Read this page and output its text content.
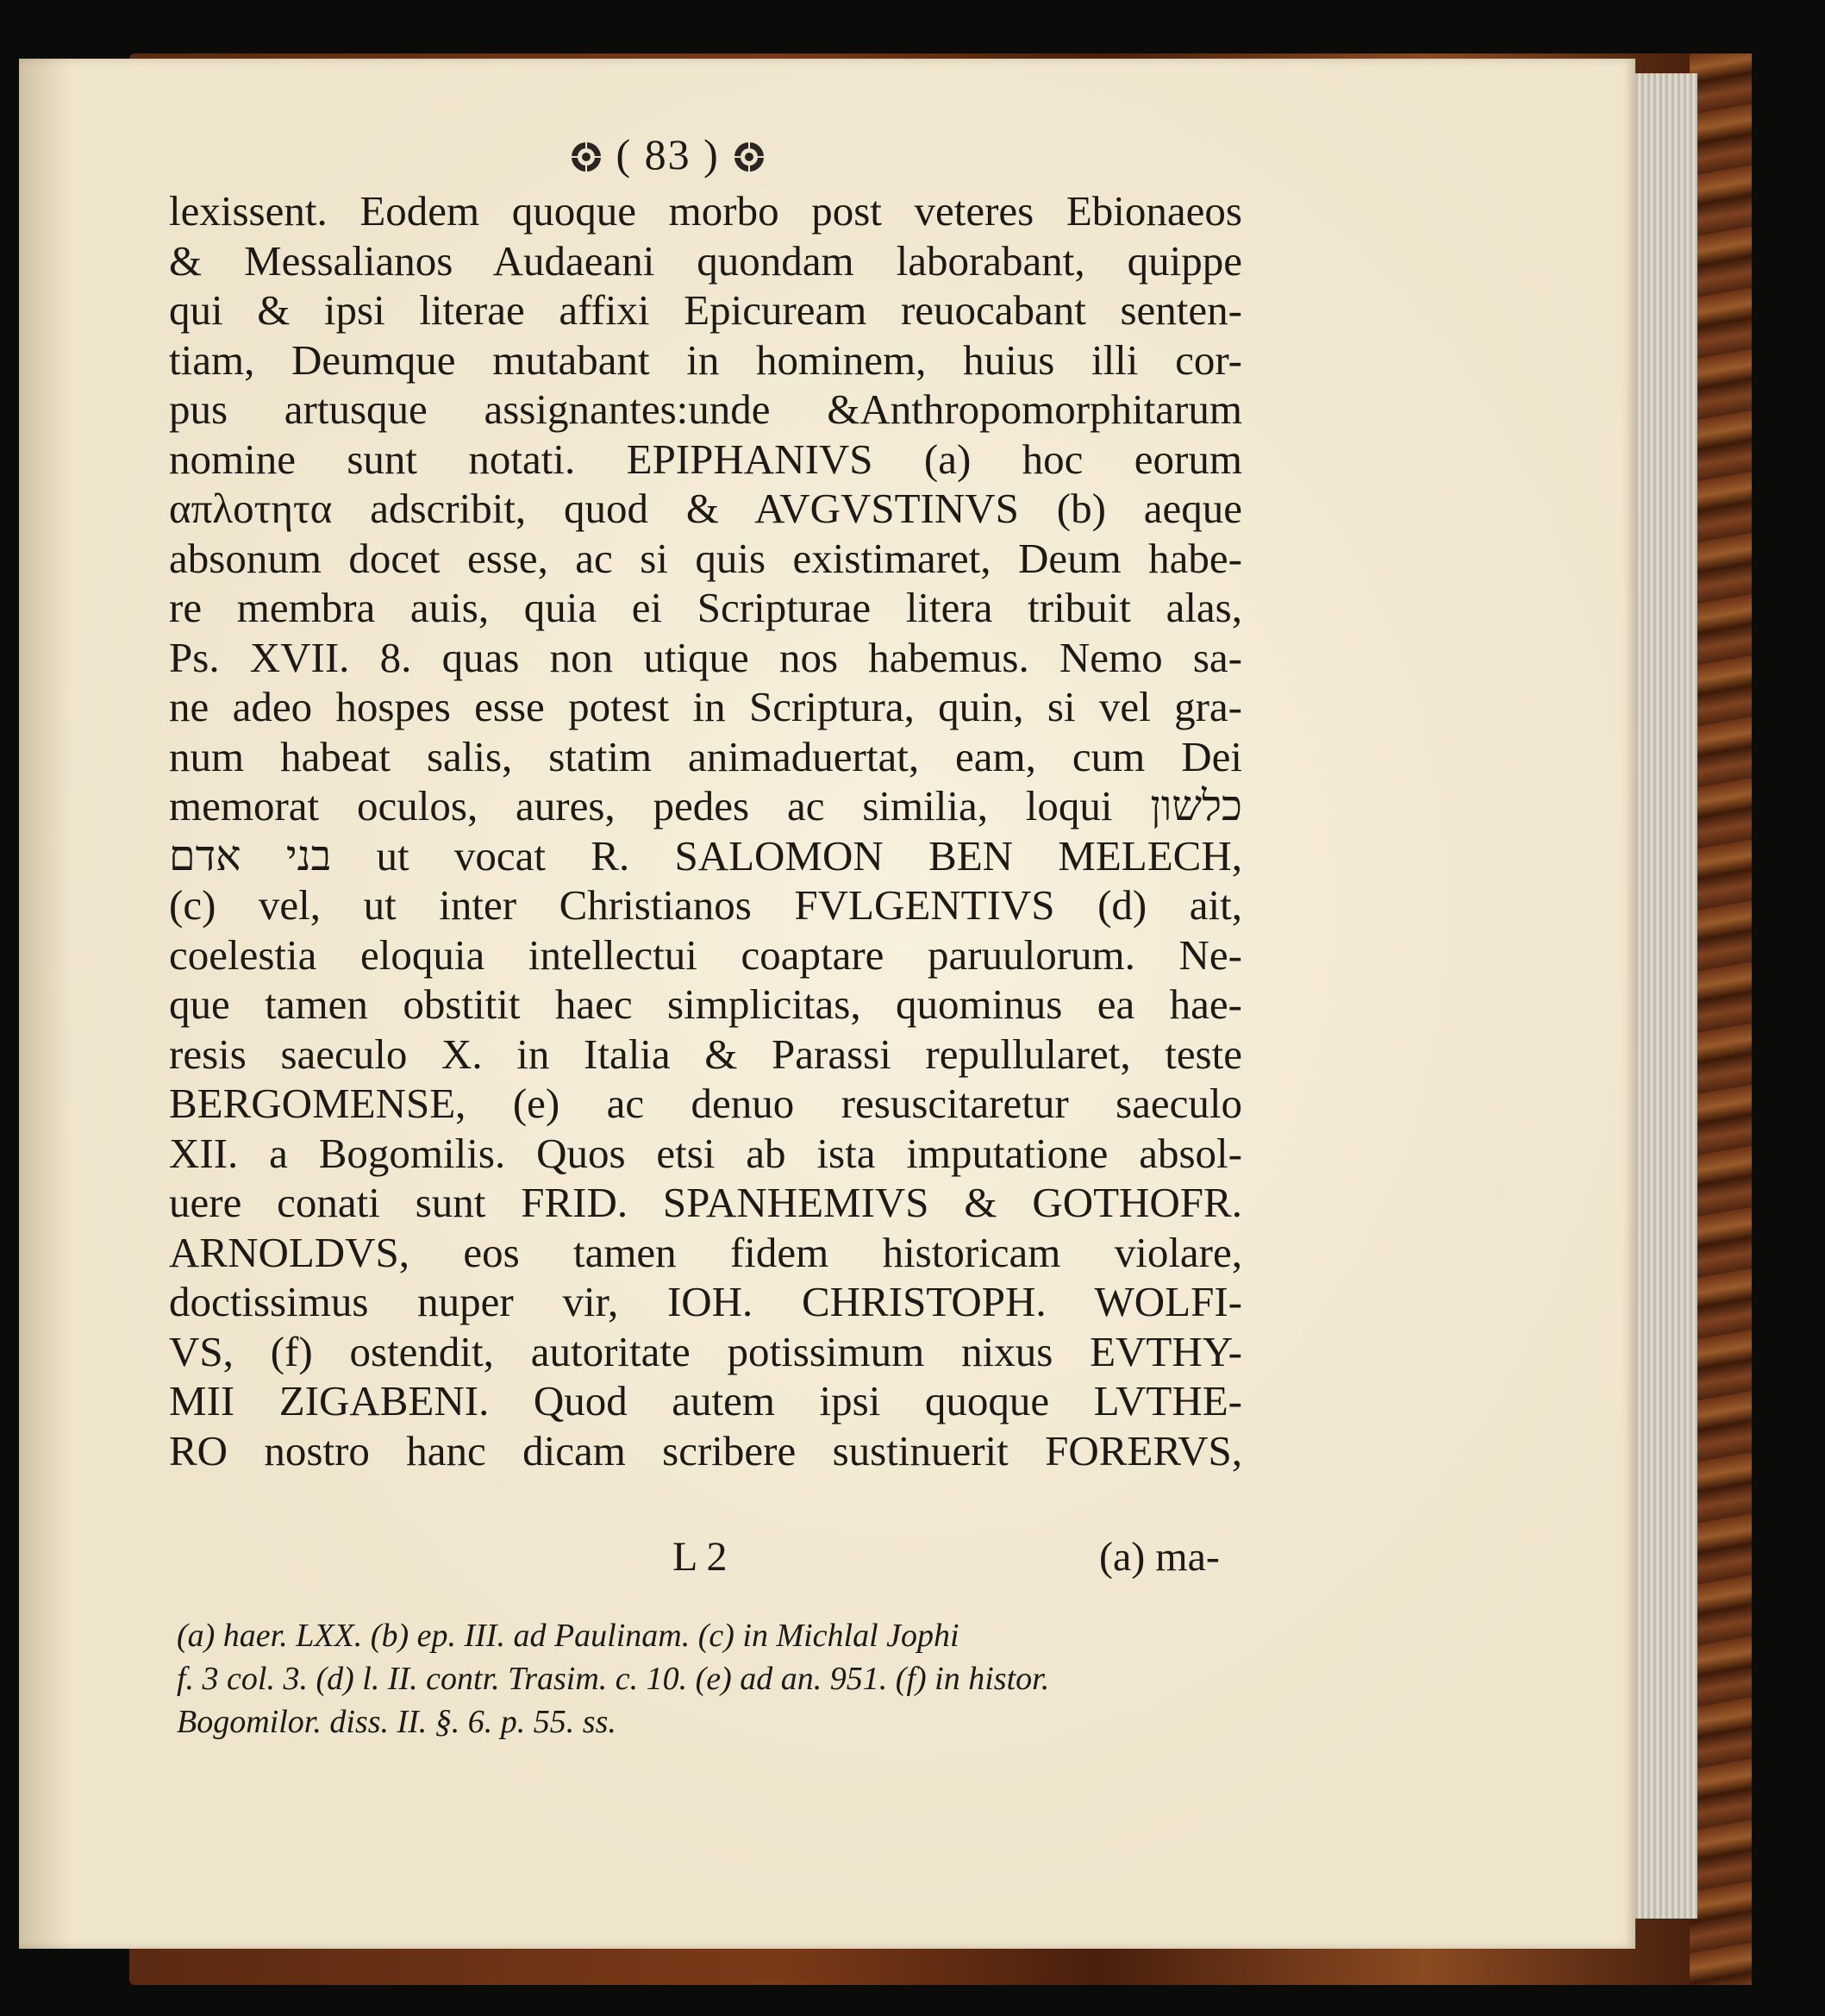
( 83 )
lexissent. Eodem quoque morbo post veteres Ebionaeos
& Messalianos Audaeani quondam laborabant, quippe
qui & ipsi literae affixi Epicuream reuocabant senten-
tiam, Deumque mutabant in hominem, huius illi cor-
pus artusque assignantes:unde &Anthropomorphitarum
nomine sunt notati. EPIPHANIVS (a) hoc eorum
απλοτητα adscribit, quod & AVGVSTINVS (b) aeque
absonum docet esse, ac si quis existimaret, Deum habe-
re membra auis, quia ei Scripturae litera tribuit alas,
Ps. XVII. 8. quas non utique nos habemus. Nemo sa-
ne adeo hospes esse potest in Scriptura, quin, si vel gra-
num habeat salis, statim animaduertat, eam, cum Dei
memorat oculos, aures, pedes ac similia, loqui כלשון
בני אדם ut vocat R. SALOMON BEN MELECH,
(c) vel, ut inter Christianos FVLGENTIVS (d) ait,
coelestia eloquia intellectui coaptare paruulorum. Ne-
que tamen obstitit haec simplicitas, quominus ea hae-
resis saeculo X. in Italia & Parassi repullularet, teste
BERGOMENSE, (e) ac denuo resuscitaretur saeculo
XII. a Bogomilis. Quos etsi ab ista imputatione absol-
uere conati sunt FRID. SPANHEMIVS & GOTHOFR.
ARNOLDVS, eos tamen fidem historicam violare,
doctissimus nuper vir, IOH. CHRISTOPH. WOLFI-
VS, (f) ostendit, autoritate potissimum nixus EVTHY-
MII ZIGABENI. Quod autem ipsi quoque LVTHE-
RO nostro hanc dicam scribere sustinuerit FORERVS,
L 2	(a) ma-
(a) haer. LXX. (b) ep. III. ad Paulinam. (c) in Michlal Jophi
f. 3 col. 3. (d) l. II. contr. Trasim. c. 10. (e) ad an. 951. (f) in histor.
Bogomilor. diss. II. §. 6. p. 55. ss.
